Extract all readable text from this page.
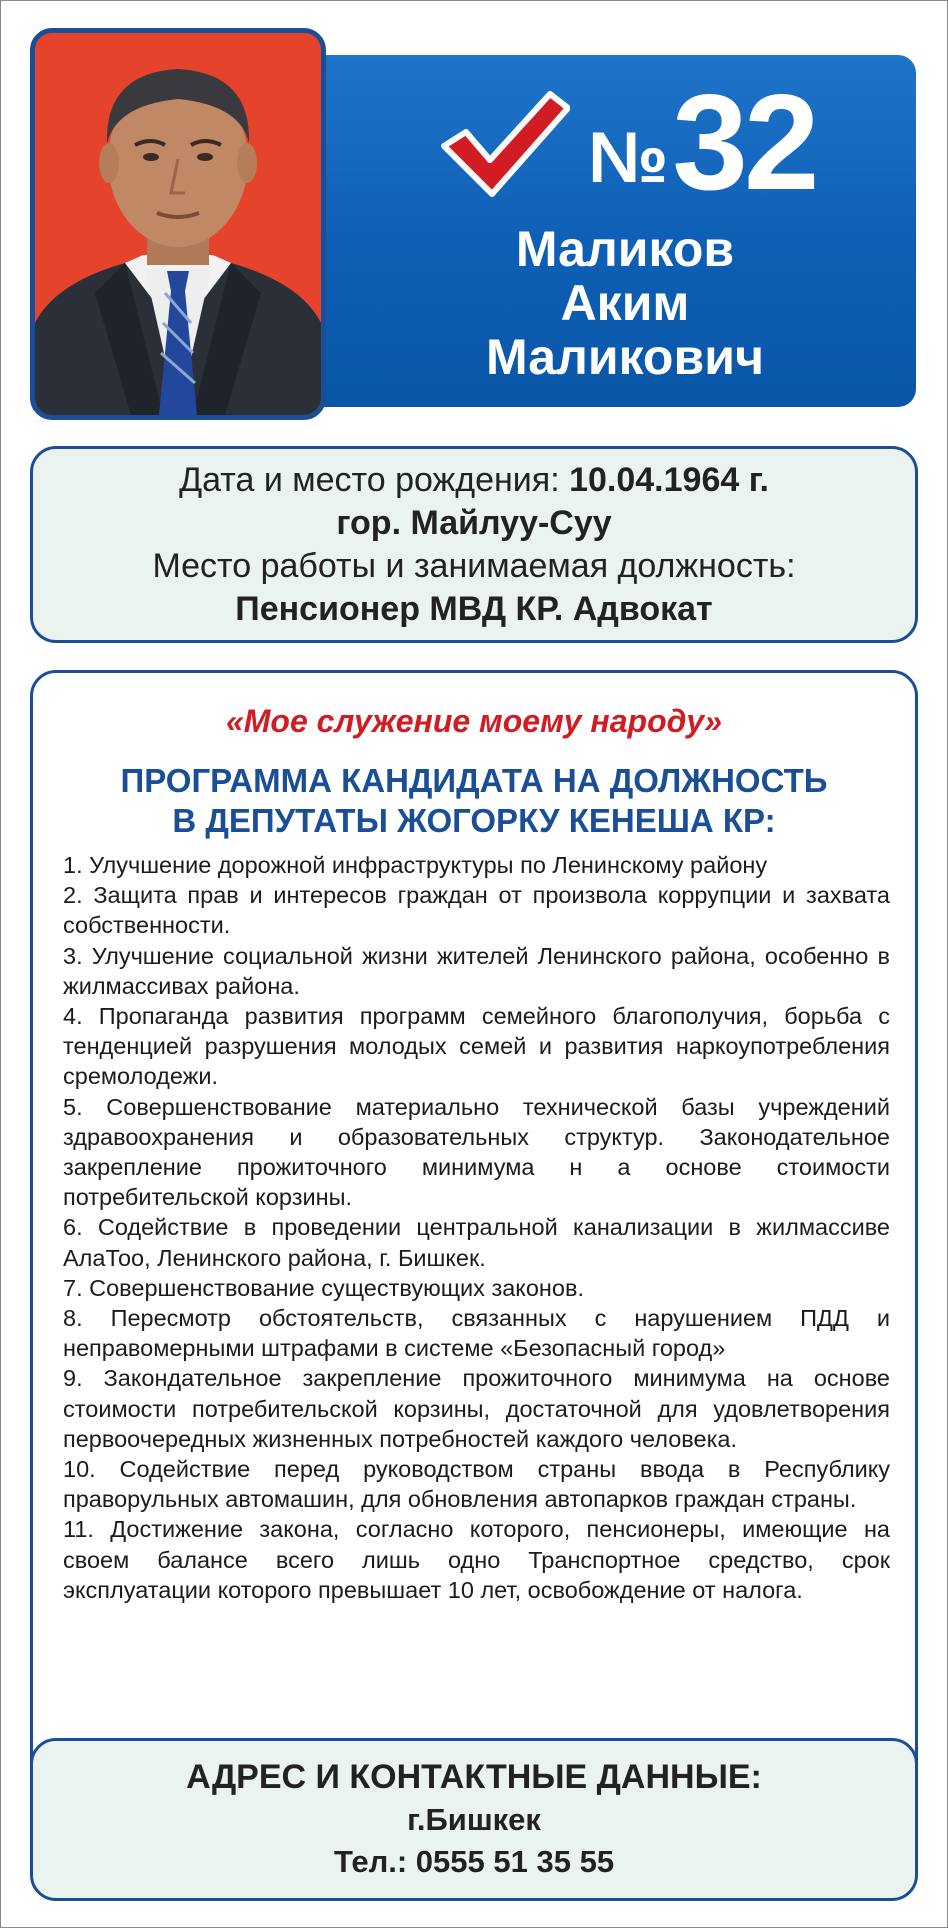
№ 32
Маликов
Аким
Маликович
Дата и место рождения: 10.04.1964 г.
гор. Майлуу-Суу
Место работы и занимаемая должность:
Пенсионер МВД КР. Адвокат
«Мое служение моему народу»
ПРОГРАММА КАНДИДАТА НА ДОЛЖНОСТЬ
В ДЕПУТАТЫ ЖОГОРКУ КЕНЕША КР:
1. Улучшение дорожной инфраструктуры по Ленинскому району
2. Защита прав и интересов граждан от произвола коррупции и захвата собственности.
3. Улучшение социальной жизни жителей Ленинского района, особенно в жилмассивах района.
4. Пропаганда развития программ семейного благополучия, борьба с тенденцией разрушения молодых семей и развития наркоупотребления сремолодежи.
5. Совершенствование материально технической базы учреждений здравоохранения и образовательных структур. Законодательное закрепление прожиточного минимума н а основе стоимости потребительской корзины.
6. Содействие в проведении центральной канализации в жилмассиве АлаТоо, Ленинского района, г. Бишкек.
7. Совершенствование существующих законов.
8. Пересмотр обстоятельств, связанных с нарушением ПДД и неправомерными штрафами в системе «Безопасный город»
9. Закондательное закрепление прожиточного минимума на основе стоимости потребительской корзины, достаточной для удовлетворения первоочередных жизненных потребностей каждого человека.
10. Содействие перед руководством страны ввода в Республику праворульных автомашин, для обновления автопарков граждан страны.
11. Достижение закона, согласно которого, пенсионеры, имеющие на своем балансе всего лишь одно Транспортное средство, срок эксплуатации которого превышает 10 лет, освобождение от налога.
АДРЕС И КОНТАКТНЫЕ ДАННЫЕ:
г.Бишкек
Тел.: 0555 51 35 55
